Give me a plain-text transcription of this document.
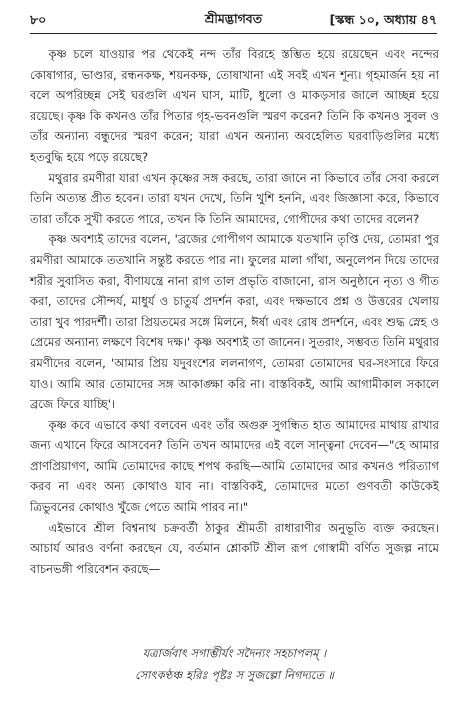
৮০	শ্রীমদ্ভাগবত	[স্কন্ধ ১০, অধ্যায় ৪৭

কৃষ্ণ চলে যাওয়ার পর থেকেই নন্দ তাঁর বিরহে স্তম্ভিত হয়ে রয়েছেন এবং নন্দের কোষাগার, ভাণ্ডার, রন্ধনকক্ষ, শয়নকক্ষ, তোষাখানা এই সবই এখন শূন্য। গৃহমার্জন হয় না বলে অপরিচ্ছন্ন সেই ঘরগুলি এখন ঘাস, মাটি, ধুলো ও মাকড়সার জালে আচ্ছন্ন হয়ে রয়েছে। কৃষ্ণ কি কখনও তাঁর পিতার গৃহ-ভবনগুলি স্মরণ করেন? তিনি কি কখনও সুবল ও তাঁর অন্যান্য বন্ধুদের স্মরণ করেন; যারা এখন অন্যান্য অবহেলিত ঘরবাড়িগুলির মধ্যে হতবুদ্ধি হয়ে পড়ে রয়েছে?

মথুরার রমণীরা যারা এখন কৃষ্ণের সঙ্গ করছে, তারা জানে না কিভাবে তাঁর সেবা করলে তিনি অত্যন্ত প্রীত হবেন। তারা যখন দেখে, তিনি খুশি হননি, এবং জিজ্ঞাসা করে, কিভাবে তারা তাঁকে সুখী করতে পারে, তখন কি তিনি আমাদের, গোপীদের কথা তাদের বলেন?

কৃষ্ণ অবশ্যই তাদের বলেন, 'ব্রজের গোপীগণ আমাকে যতখানি তৃপ্তি দেয়, তোমরা পুর রমণীরা আমাকে ততখানি সন্তুষ্ট করতে পার না। ফুলের মালা গাঁথা, অনুলেপন দিয়ে তাদের শরীর সুবাসিত করা, বীণাযন্ত্রে নানা রাগ তাল প্রভৃতি বাজানো, রাস অনুষ্ঠানে নৃত্য ও গীত করা, তাদের সৌন্দর্য, মাধুর্য ও চাতুর্য প্রদর্শন করা, এবং দক্ষভাবে প্রশ্ন ও উত্তরের খেলায় তারা খুব পারদর্শী। তারা প্রিয়তমের সঙ্গে মিলনে, ঈর্ষা এবং রোষ প্রদর্শনে, এবং শুদ্ধ স্নেহ ও প্রেমের অন্যান্য লক্ষণে বিশেষ দক্ষ।' কৃষ্ণ অবশ্যই তা জানেন। সুতরাং, সম্ভবত তিনি মথুরার রমণীদের বলেন, 'আমার প্রিয় যদুবংশের ললনাগণ, তোমরা তোমাদের ঘর-সংসারে ফিরে যাও। আমি আর তোমাদের সঙ্গ আকাঙ্ক্ষা করি না। বাস্তবিকই, আমি আগামীকাল সকালে ব্রজে ফিরে যাচ্ছি'।

কৃষ্ণ কবে এভাবে কথা বলবেন এবং তাঁর অগুরু সুগন্ধিত হাত আমাদের মাথায় রাখার জন্য এখানে ফিরে আসবেন? তিনি তখন আমাদের এই বলে সান্ত্বনা দেবেন—"হে আমার প্রাণপ্রিয়াগণ, আমি তোমাদের কাছে শপথ করছি—আমি তোমাদের আর কখনও পরিত্যাগ করব না এবং অন্য কোথাও যাব না। বাস্তবিকই, তোমাদের মতো গুণবতী কাউকেই ত্রিভুবনের কোথাও খুঁজে পেতে আমি পারব না।"

এইভাবে শ্রীল বিশ্বনাথ চক্রবর্তী ঠাকুর শ্রীমতী রাধারাণীর অনুভূতি ব্যক্ত করছেন। আচার্য আরও বর্ণনা করছেন যে, বর্তমান শ্লোকটি শ্রীল রূপ গোস্বামী বর্ণিত সুজল্প নামে বাচনভঙ্গী পরিবেশন করছে—

যত্রার্জবাৎ সগাম্ভীর্যং সদৈন্যং সহচাপলম্ ।
সোৎকণ্ঠঞ্চ হরিঃ পৃষ্টঃ স সুজল্পো নিগদ্যতে ॥
